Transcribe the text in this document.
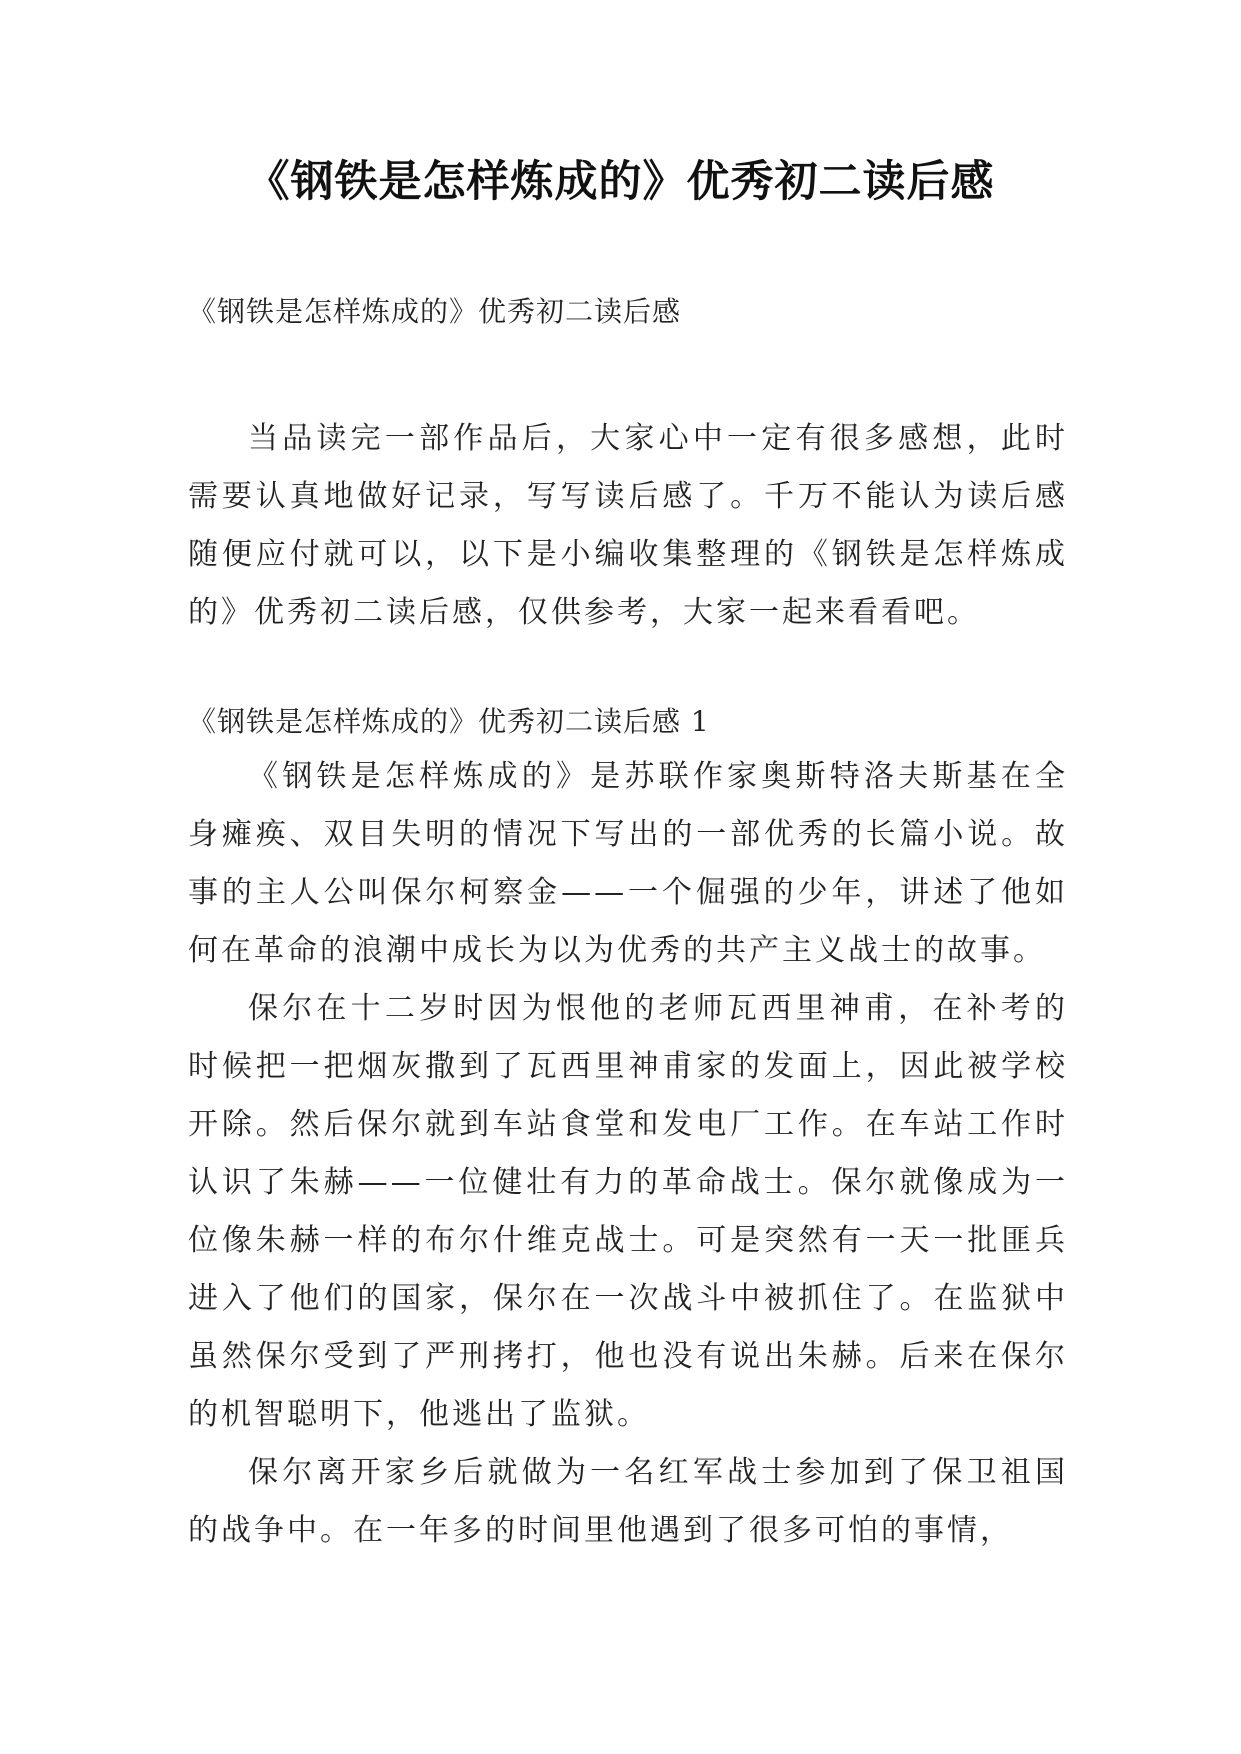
《钢铁是怎样炼成的》优秀初二读后感
《钢铁是怎样炼成的》优秀初二读后感

当品读完一部作品后，大家心中一定有很多感想，此时需要认真地做好记录，写写读后感了。千万不能认为读后感随便应付就可以，以下是小编收集整理的《钢铁是怎样炼成的》优秀初二读后感，仅供参考，大家一起来看看吧。

《钢铁是怎样炼成的》优秀初二读后感 1

《钢铁是怎样炼成的》是苏联作家奥斯特洛夫斯基在全身瘫痪、双目失明的情况下写出的一部优秀的长篇小说。故事的主人公叫保尔柯察金——一个倔强的少年，讲述了他如何在革命的浪潮中成长为以为优秀的共产主义战士的故事。

保尔在十二岁时因为恨他的老师瓦西里神甫，在补考的时候把一把烟灰撒到了瓦西里神甫家的发面上，因此被学校开除。然后保尔就到车站食堂和发电厂工作。在车站工作时认识了朱赫——一位健壮有力的革命战士。保尔就像成为一位像朱赫一样的布尔什维克战士。可是突然有一天一批匪兵进入了他们的国家，保尔在一次战斗中被抓住了。在监狱中虽然保尔受到了严刑拷打，他也没有说出朱赫。后来在保尔的机智聪明下，他逃出了监狱。

保尔离开家乡后就做为一名红军战士参加到了保卫祖国的战争中。在一年多的时间里他遇到了很多可怕的事情，
